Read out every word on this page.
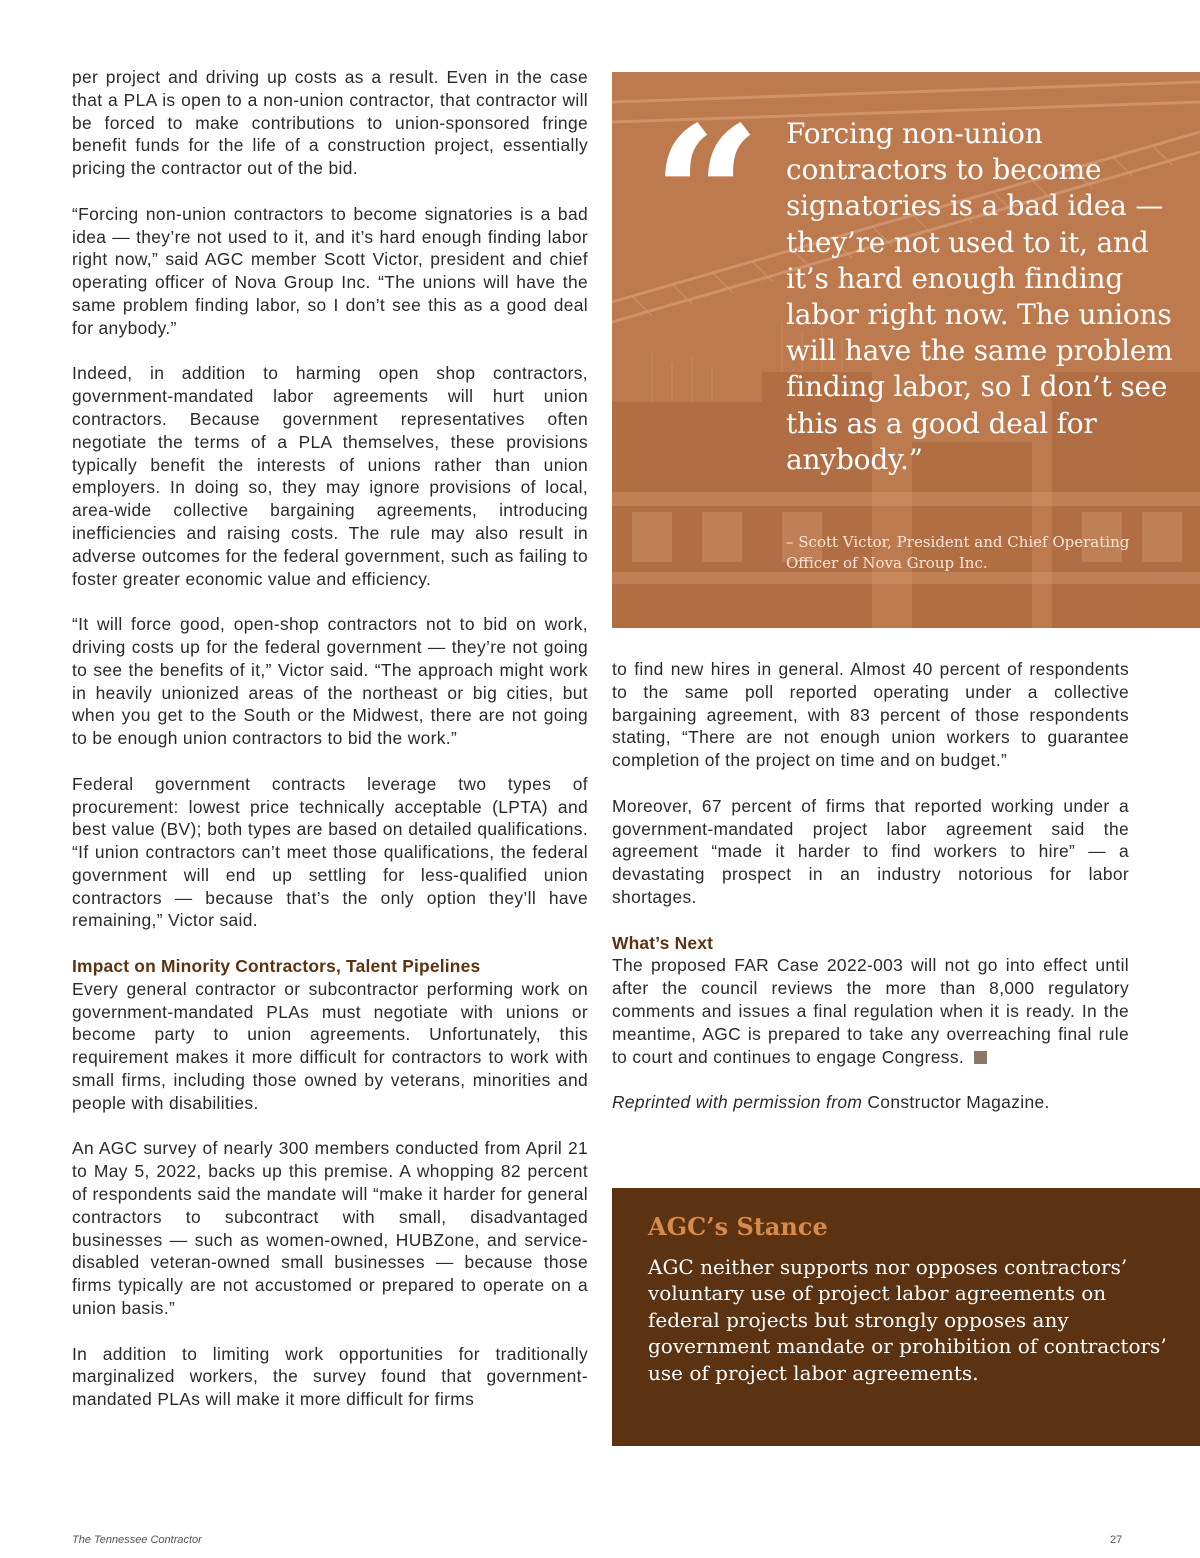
per project and driving up costs as a result. Even in the case that a PLA is open to a non-union contractor, that contractor will be forced to make contributions to union-sponsored fringe benefit funds for the life of a construction project, essentially pricing the contractor out of the bid.

“Forcing non-union contractors to become signatories is a bad idea — they’re not used to it, and it’s hard enough finding labor right now,” said AGC member Scott Victor, president and chief operating officer of Nova Group Inc. “The unions will have the same problem finding labor, so I don’t see this as a good deal for anybody.”

Indeed, in addition to harming open shop contractors, government-mandated labor agreements will hurt union contractors. Because government representatives often negotiate the terms of a PLA themselves, these provisions typically benefit the interests of unions rather than union employers. In doing so, they may ignore provisions of local, area-wide collective bargaining agreements, introducing inefficiencies and raising costs. The rule may also result in adverse outcomes for the federal government, such as failing to foster greater economic value and efficiency.

“It will force good, open-shop contractors not to bid on work, driving costs up for the federal government — they’re not going to see the benefits of it,” Victor said. “The approach might work in heavily unionized areas of the northeast or big cities, but when you get to the South or the Midwest, there are not going to be enough union contractors to bid the work.”

Federal government contracts leverage two types of procurement: lowest price technically acceptable (LPTA) and best value (BV); both types are based on detailed qualifications. “If union contractors can’t meet those qualifications, the federal government will end up settling for less-qualified union contractors — because that’s the only option they’ll have remaining,” Victor said.

Impact on Minority Contractors, Talent Pipelines

Every general contractor or subcontractor performing work on government-mandated PLAs must negotiate with unions or become party to union agreements. Unfortunately, this requirement makes it more difficult for contractors to work with small firms, including those owned by veterans, minorities and people with disabilities.

An AGC survey of nearly 300 members conducted from April 21 to May 5, 2022, backs up this premise. A whopping 82 percent of respondents said the mandate will “make it harder for general contractors to subcontract with small, disadvantaged businesses — such as women-owned, HUBZone, and service-disabled veteran-owned small businesses — because those firms typically are not accustomed or prepared to operate on a union basis.”

In addition to limiting work opportunities for traditionally marginalized workers, the survey found that government-mandated PLAs will make it more difficult for firms

“ Forcing non-union contractors to become signatories is a bad idea — they’re not used to it, and it’s hard enough finding labor right now. The unions will have the same problem finding labor, so I don’t see this as a good deal for anybody.”
– Scott Victor, President and Chief Operating Officer of Nova Group Inc.

to find new hires in general. Almost 40 percent of respondents to the same poll reported operating under a collective bargaining agreement, with 83 percent of those respondents stating, “There are not enough union workers to guarantee completion of the project on time and on budget.”

Moreover, 67 percent of firms that reported working under a government-mandated project labor agreement said the agreement “made it harder to find workers to hire” — a devastating prospect in an industry notorious for labor shortages.

What’s Next

The proposed FAR Case 2022-003 will not go into effect until after the council reviews the more than 8,000 regulatory comments and issues a final regulation when it is ready. In the meantime, AGC is prepared to take any overreaching final rule to court and continues to engage Congress.

Reprinted with permission from Constructor Magazine.

AGC’s Stance
AGC neither supports nor opposes contractors’ voluntary use of project labor agreements on federal projects but strongly opposes any government mandate or prohibition of contractors’ use of project labor agreements.
The Tennessee Contractor	27
